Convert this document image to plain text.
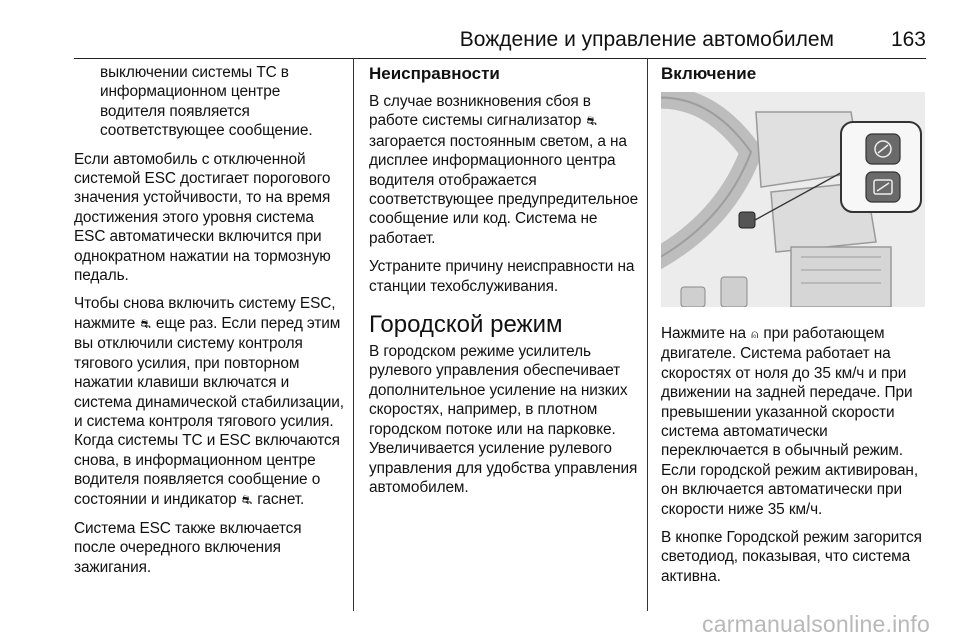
Вождение и управление автомобилем	163

выключении системы ТС в информационном центре водителя появляется соответствующее сообщение.

Если автомобиль с отключенной системой ESC достигает порогового значения устойчивости, то на время достижения этого уровня система ESC автоматически включится при однократном нажатии на тормозную педаль.

Чтобы снова включить систему ESC, нажмите ⛐ еще раз. Если перед этим вы отключили систему контроля тягового усилия, при повторном нажатии клавиши включатся и система динамической стабилизации, и система контроля тягового усилия. Когда системы ТС и ESC включаются снова, в информационном центре водителя появляется сообщение о состоянии и индикатор ⛐ гаснет.

Система ESC также включается после очередного включения зажигания.

Неисправности

В случае возникновения сбоя в работе системы сигнализатор ⛐ загорается постоянным светом, а на дисплее информационного центра водителя отображается соответствующее предупредительное сообщение или код. Система не работает.

Устраните причину неисправности на станции техобслуживания.

Городской режим

В городском режиме усилитель рулевого управления обеспечивает дополнительное усиление на низких скоростях, например, в плотном городском потоке или на парковке. Увеличивается усиление рулевого управления для удобства управления автомобилем.

Включение

Нажмите на ⍝ при работающем двигателе. Система работает на скоростях от ноля до 35 км/ч и при движении на задней передаче. При превышении указанной скорости система автоматически переключается в обычный режим. Если городской режим активирован, он включается автоматически при скорости ниже 35 км/ч.

В кнопке Городской режим загорится светодиод, показывая, что система активна.

carmanualsonline.info
